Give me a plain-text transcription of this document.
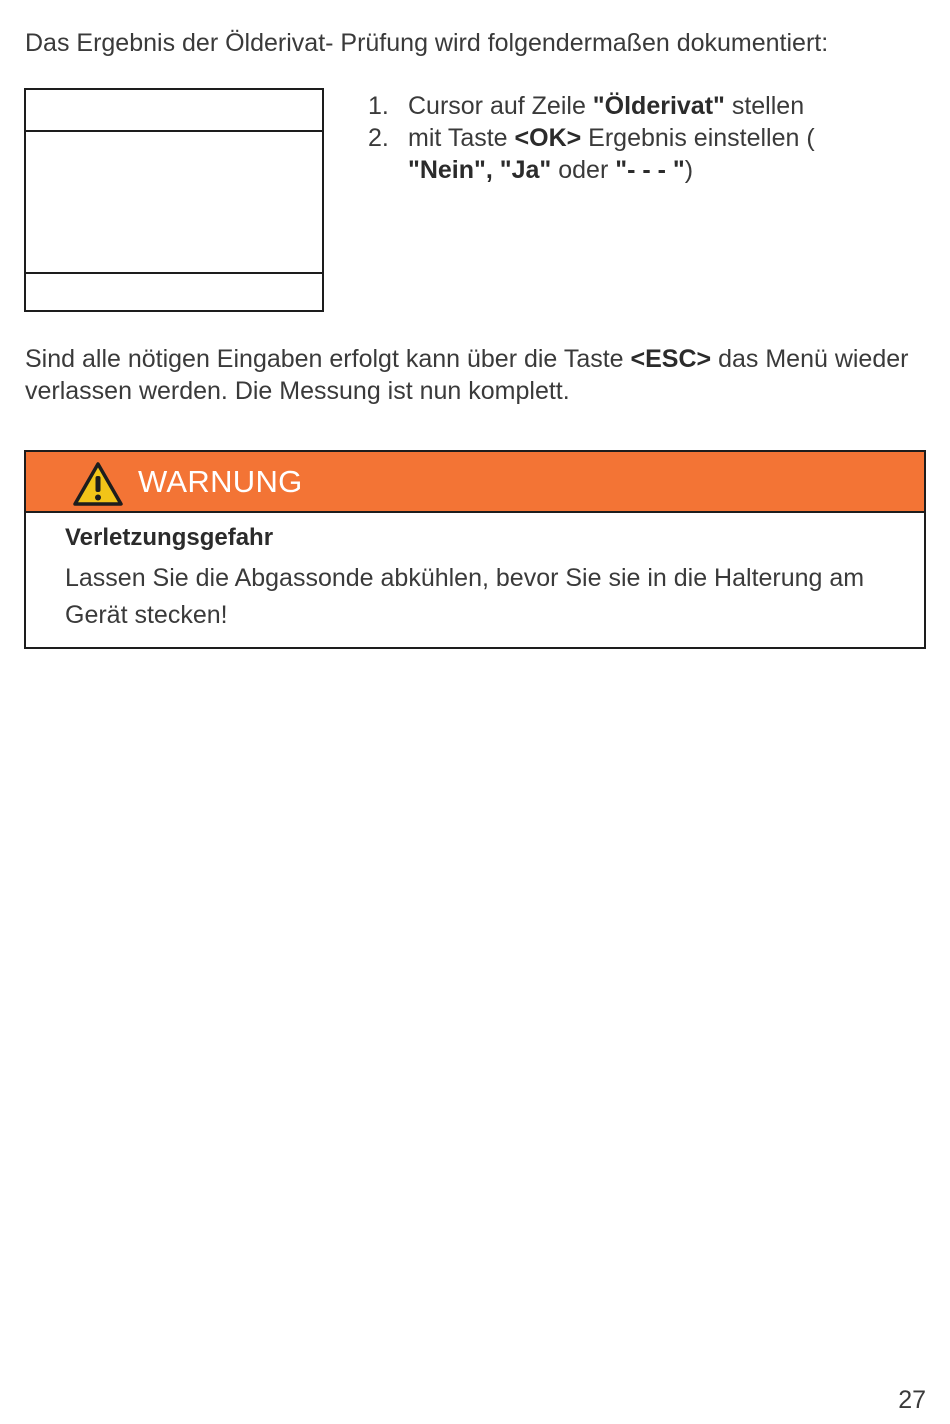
Das Ergebnis der Ölderivat- Prüfung wird folgendermaßen dokumentiert:

1. Cursor auf Zeile "Ölderivat" stellen
2. mit Taste <OK> Ergebnis einstellen (
"Nein", "Ja" oder "- - - ")

Sind alle nötigen Eingaben erfolgt kann über die Taste <ESC> das Menü wieder verlassen werden. Die Messung ist nun komplett.

WARNUNG
Verletzungsgefahr
Lassen Sie die Abgassonde abkühlen, bevor Sie sie in die Halterung am Gerät stecken!
27
